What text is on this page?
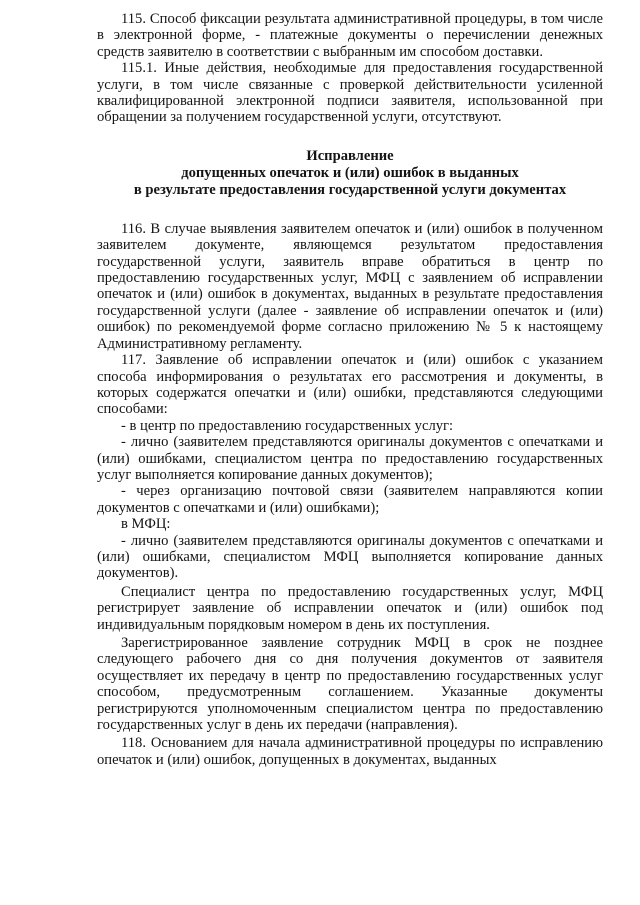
115. Способ фиксации результата административной процедуры, в том числе в электронной форме, - платежные документы о перечислении денежных средств заявителю в соответствии с выбранным им способом доставки.

115.1. Иные действия, необходимые для предоставления государственной услуги, в том числе связанные с проверкой действительности усиленной квалифицированной электронной подписи заявителя, использованной при обращении за получением государственной услуги, отсутствуют.

Исправление
допущенных опечаток и (или) ошибок в выданных
в результате предоставления государственной услуги документах

116. В случае выявления заявителем опечаток и (или) ошибок в полученном заявителем документе, являющемся результатом предоставления государственной услуги, заявитель вправе обратиться в центр по предоставлению государственных услуг, МФЦ с заявлением об исправлении опечаток и (или) ошибок в документах, выданных в результате предоставления государственной услуги (далее - заявление об исправлении опечаток и (или) ошибок) по рекомендуемой форме согласно приложению № 5 к настоящему Административному регламенту.

117. Заявление об исправлении опечаток и (или) ошибок с указанием способа информирования о результатах его рассмотрения и документы, в которых содержатся опечатки и (или) ошибки, представляются следующими способами:

- в центр по предоставлению государственных услуг:

- лично (заявителем представляются оригиналы документов с опечатками и (или) ошибками, специалистом центра по предоставлению государственных услуг выполняется копирование данных документов);

- через организацию почтовой связи (заявителем направляются копии документов с опечатками и (или) ошибками);

в МФЦ:

- лично (заявителем представляются оригиналы документов с опечатками и (или) ошибками, специалистом МФЦ выполняется копирование данных документов).

Специалист центра по предоставлению государственных услуг, МФЦ регистрирует заявление об исправлении опечаток и (или) ошибок под индивидуальным порядковым номером в день их поступления.

Зарегистрированное заявление сотрудник МФЦ в срок не позднее следующего рабочего дня со дня получения документов от заявителя осуществляет их передачу в центр по предоставлению государственных услуг способом, предусмотренным соглашением. Указанные документы регистрируются уполномоченным специалистом центра по предоставлению государственных услуг в день их передачи (направления).

118. Основанием для начала административной процедуры по исправлению опечаток и (или) ошибок, допущенных в документах, выданных
